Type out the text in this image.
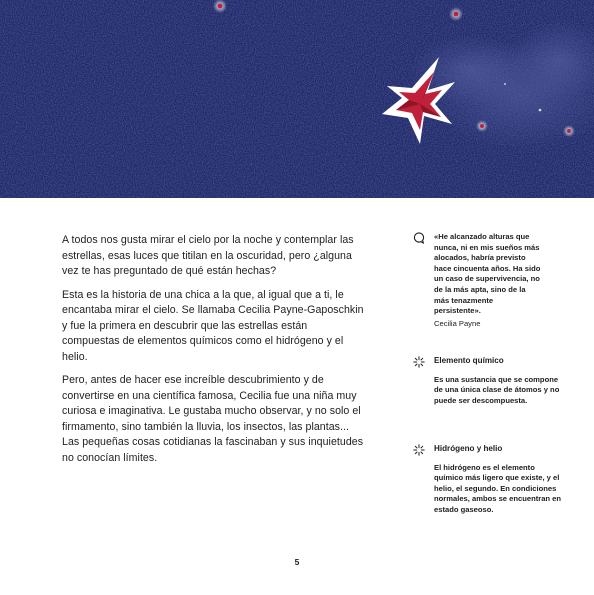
A todos nos gusta mirar el cielo por la noche y contemplar las estrellas, esas luces que titilan en la oscuridad, pero ¿alguna vez te has preguntado de qué están hechas?

Esta es la historia de una chica a la que, al igual que a ti, le encantaba mirar el cielo. Se llamaba Cecilia Payne-Gaposchkin y fue la primera en descubrir que las estrellas están compuestas de elementos químicos como el hidrógeno y el helio.

Pero, antes de hacer ese increíble descubrimiento y de convertirse en una científica famosa, Cecilia fue una niña muy curiosa e imaginativa. Le gustaba mucho observar, y no solo el firmamento, sino también la lluvia, los insectos, las plantas... Las pequeñas cosas cotidianas la fascinaban y sus inquietudes no conocían límites.

«He alcanzado alturas que nunca, ni en mis sueños más alocados, habría previsto hace cincuenta años. Ha sido un caso de supervivencia, no de la más apta, sino de la más tenazmente persistente».

Cecilia Payne

Elemento químico

Es una sustancia que se compone de una única clase de átomos y no puede ser descompuesta.

Hidrógeno y helio

El hidrógeno es el elemento químico más ligero que existe, y el helio, el segundo. En condiciones normales, ambos se encuentran en estado gaseoso.

5
